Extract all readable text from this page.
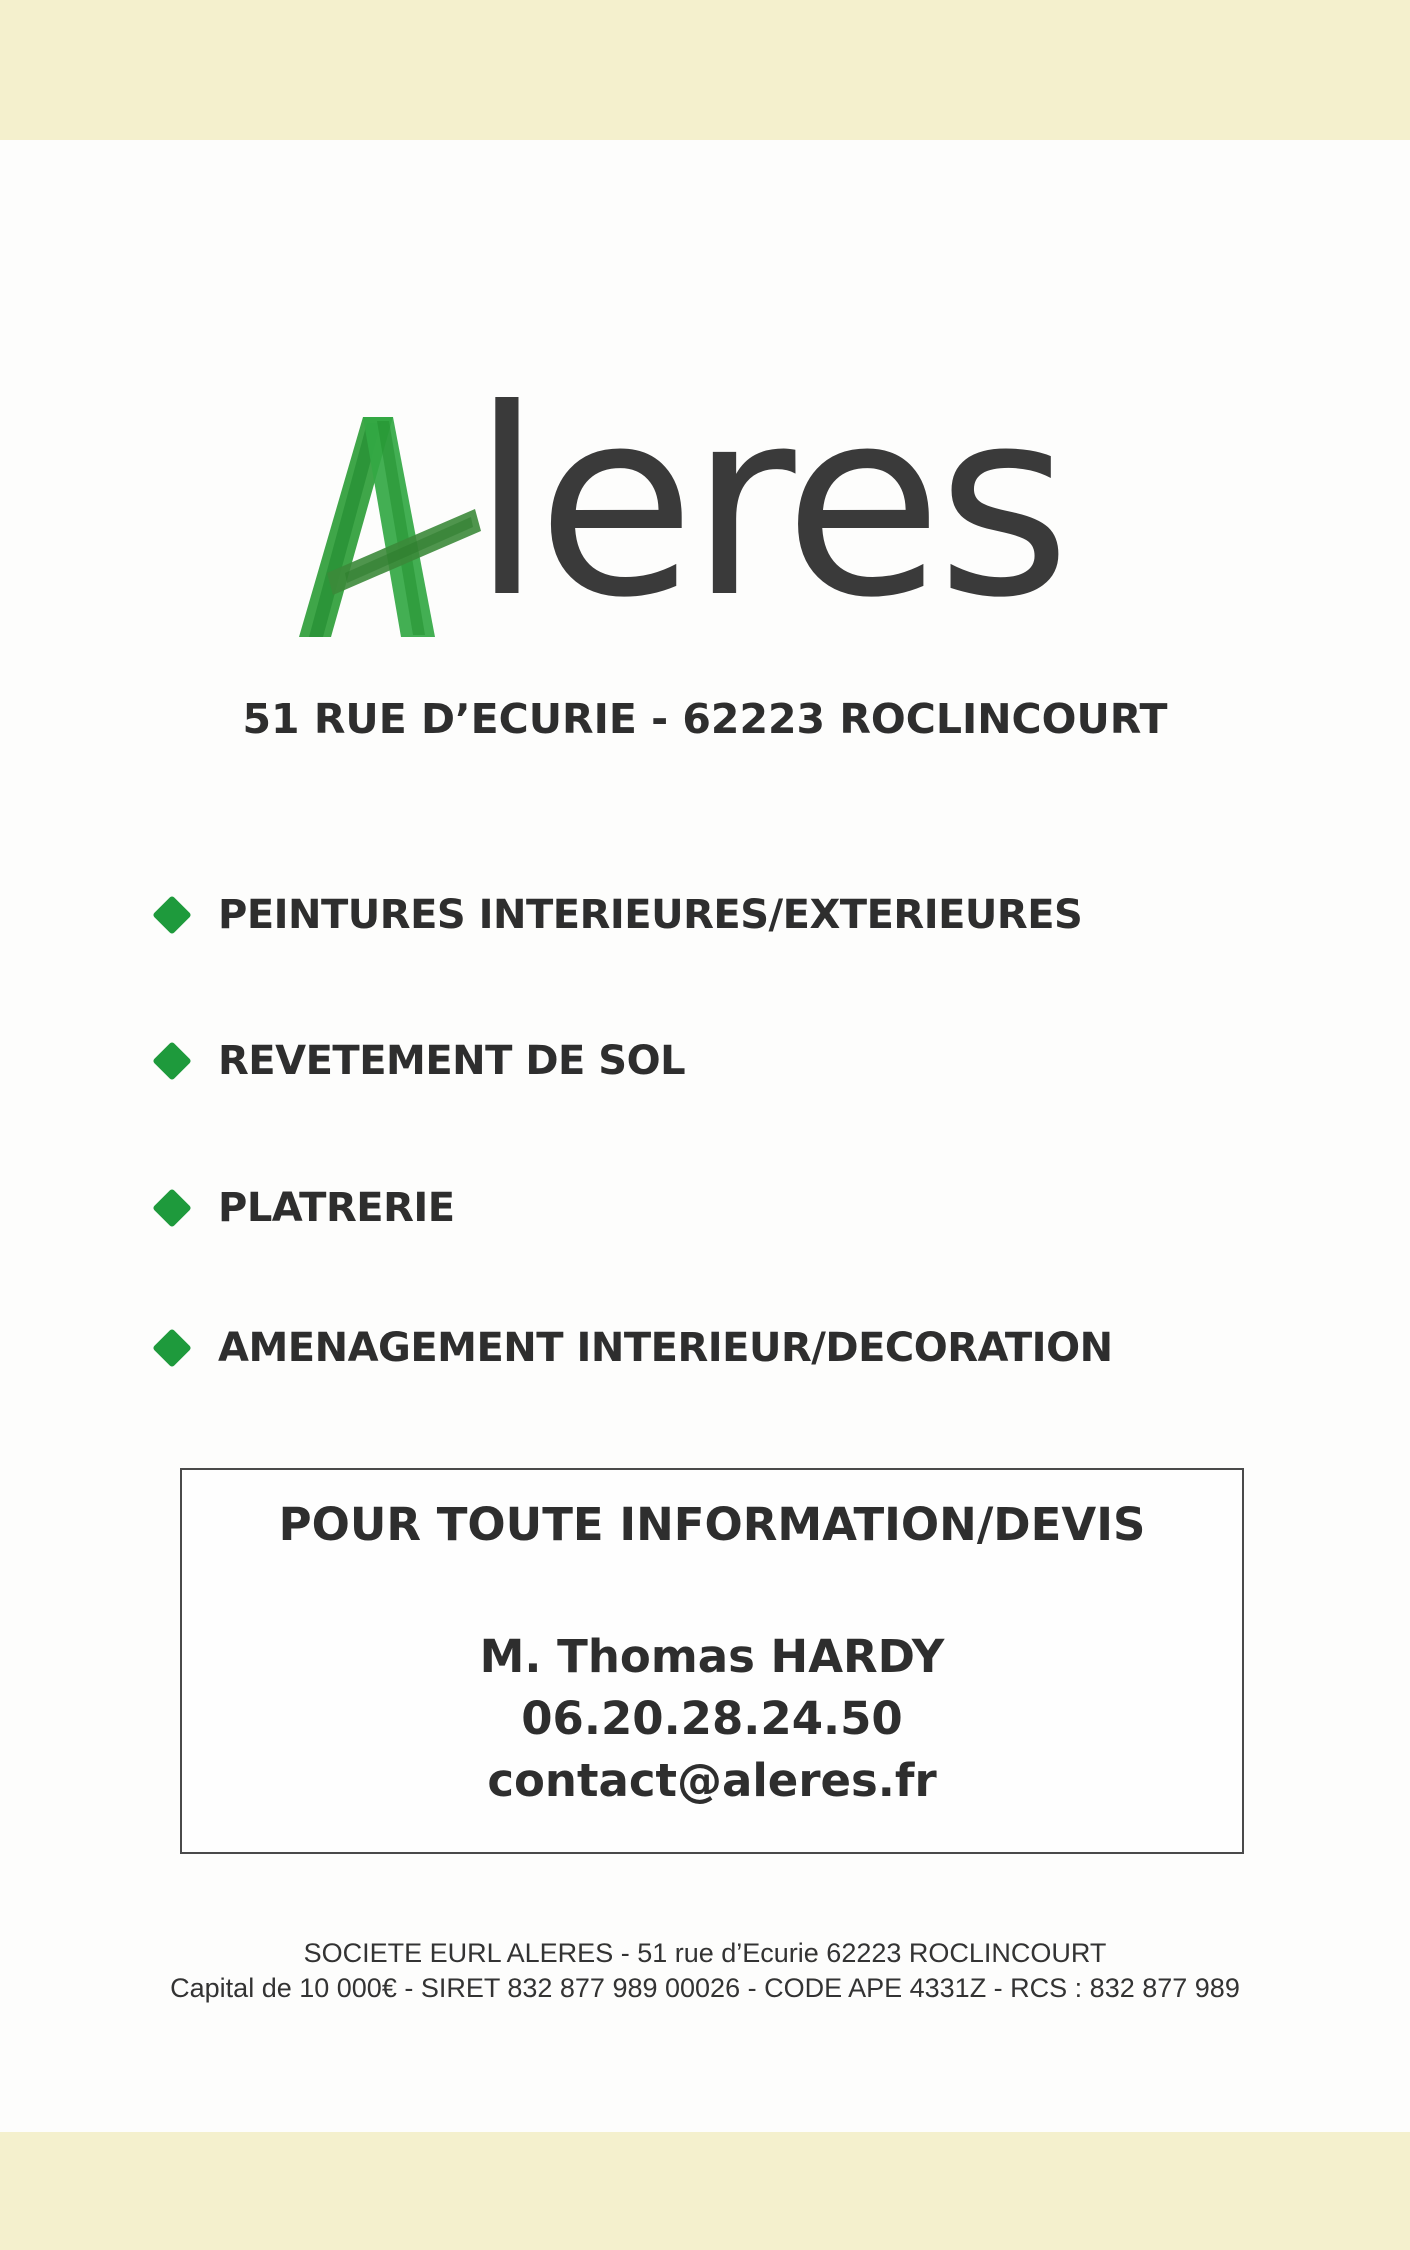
leres
51 RUE D’ECURIE - 62223 ROCLINCOURT
PEINTURES INTERIEURES/EXTERIEURES
REVETEMENT DE SOL
PLATRERIE
AMENAGEMENT INTERIEUR/DECORATION
POUR TOUTE INFORMATION/DEVIS
M. Thomas HARDY
06.20.28.24.50
contact@aleres.fr
SOCIETE EURL ALERES - 51 rue d’Ecurie 62223 ROCLINCOURT
Capital de 10 000€ - SIRET 832 877 989 00026 - CODE APE 4331Z - RCS : 832 877 989
